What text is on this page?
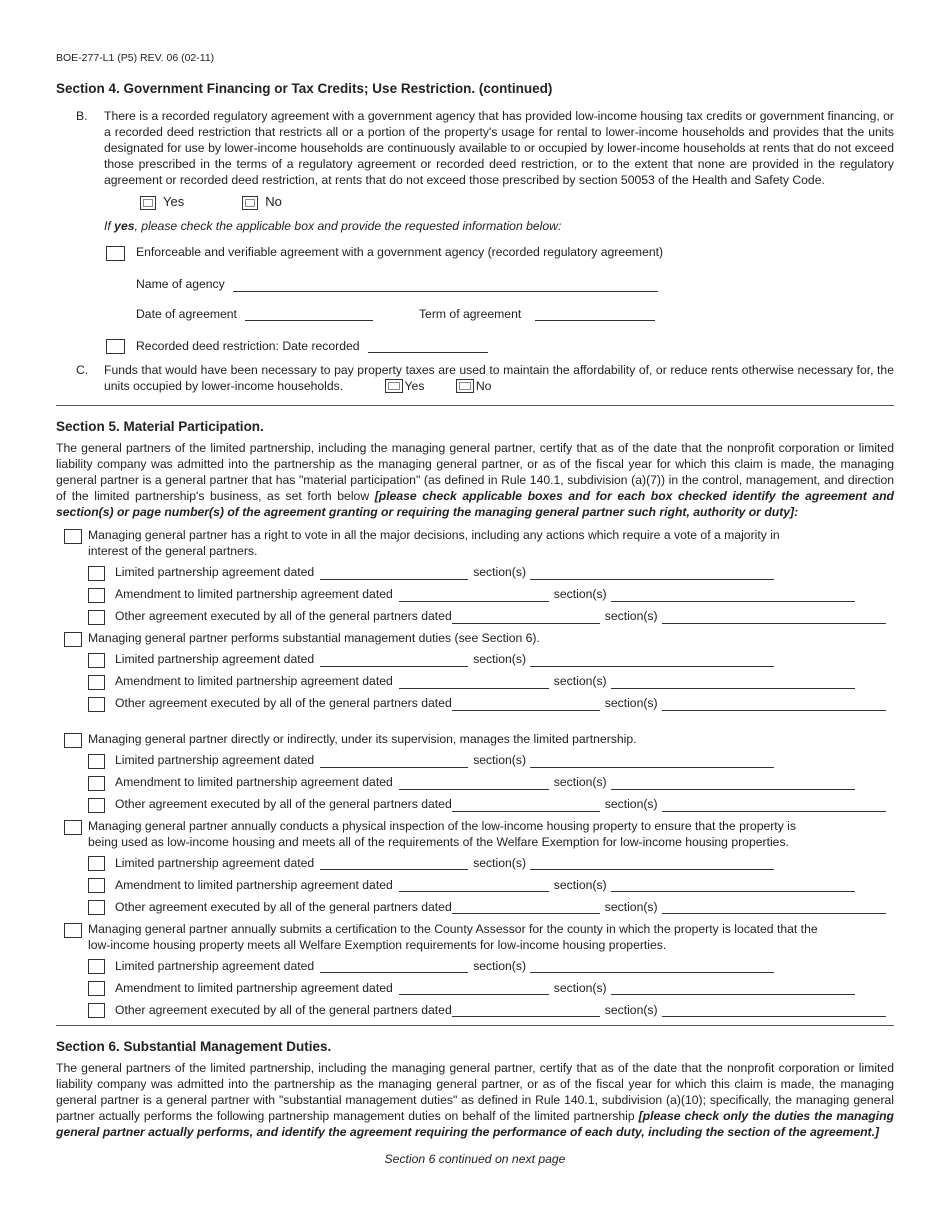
BOE-277-L1 (P5) REV. 06 (02-11)
Section 4. Government Financing or Tax Credits; Use Restriction. (continued)
B.	There is a recorded regulatory agreement with a government agency that has provided low-income housing tax credits or government financing, or a recorded deed restriction that restricts all or a portion of the property's usage for rental to lower-income households and provides that the units designated for use by lower-income households are continuously available to or occupied by lower-income households at rents that do not exceed those prescribed in the terms of a regulatory agreement or recorded deed restriction, or to the extent that none are provided in the regulatory agreement or recorded deed restriction, at rents that do not exceed those prescribed by section 50053 of the Health and Safety Code.
Yes	No
If yes, please check the applicable box and provide the requested information below:
Enforceable and verifiable agreement with a government agency (recorded regulatory agreement)
Name of agency
Date of agreement	Term of agreement
Recorded deed restriction: Date recorded
C.	Funds that would have been necessary to pay property taxes are used to maintain the affordability of, or reduce rents otherwise necessary for, the units occupied by lower-income households.	Yes
	No
Section 5. Material Participation.
The general partners of the limited partnership, including the managing general partner, certify that as of the date that the nonprofit corporation or limited liability company was admitted into the partnership as the managing general partner, or as of the fiscal year for which this claim is made, the managing general partner is a general partner that has "material participation" (as defined in Rule 140.1, subdivision (a)(7)) in the control, management, and direction of the limited partnership's business, as set forth below [please check applicable boxes and for each box checked identify the agreement and section(s) or page number(s) of the agreement granting or requiring the managing general partner such right, authority or duty]:
Managing general partner has a right to vote in all the major decisions, including any actions which require a vote of a majority in interest of the general partners.
Limited partnership agreement dated	section(s)
Amendment to limited partnership agreement dated	section(s)
Other agreement executed by all of the general partners dated	section(s)
Managing general partner performs substantial management duties (see Section 6).
Limited partnership agreement dated	section(s)
Amendment to limited partnership agreement dated	section(s)
Other agreement executed by all of the general partners dated	section(s)
Managing general partner directly or indirectly, under its supervision, manages the limited partnership.
Limited partnership agreement dated	section(s)
Amendment to limited partnership agreement dated	section(s)
Other agreement executed by all of the general partners dated	section(s)
Managing general partner annually conducts a physical inspection of the low-income housing property to ensure that the property is being used as low-income housing and meets all of the requirements of the Welfare Exemption for low-income housing properties.
Limited partnership agreement dated	section(s)
Amendment to limited partnership agreement dated	section(s)
Other agreement executed by all of the general partners dated	section(s)
Managing general partner annually submits a certification to the County Assessor for the county in which the property is located that the low-income housing property meets all Welfare Exemption requirements for low-income housing properties.
Limited partnership agreement dated	section(s)
Amendment to limited partnership agreement dated	section(s)
Other agreement executed by all of the general partners dated	section(s)
Section 6. Substantial Management Duties.
The general partners of the limited partnership, including the managing general partner, certify that as of the date that the nonprofit corporation or limited liability company was admitted into the partnership as the managing general partner, or as of the fiscal year for which this claim is made, the managing general partner is a general partner with "substantial management duties" as defined in Rule 140.1, subdivision (a)(10); specifically, the managing general partner actually performs the following partnership management duties on behalf of the limited partnership [please check only the duties the managing general partner actually performs, and identify the agreement requiring the performance of each duty, including the section of the agreement.]
Section 6 continued on next page
